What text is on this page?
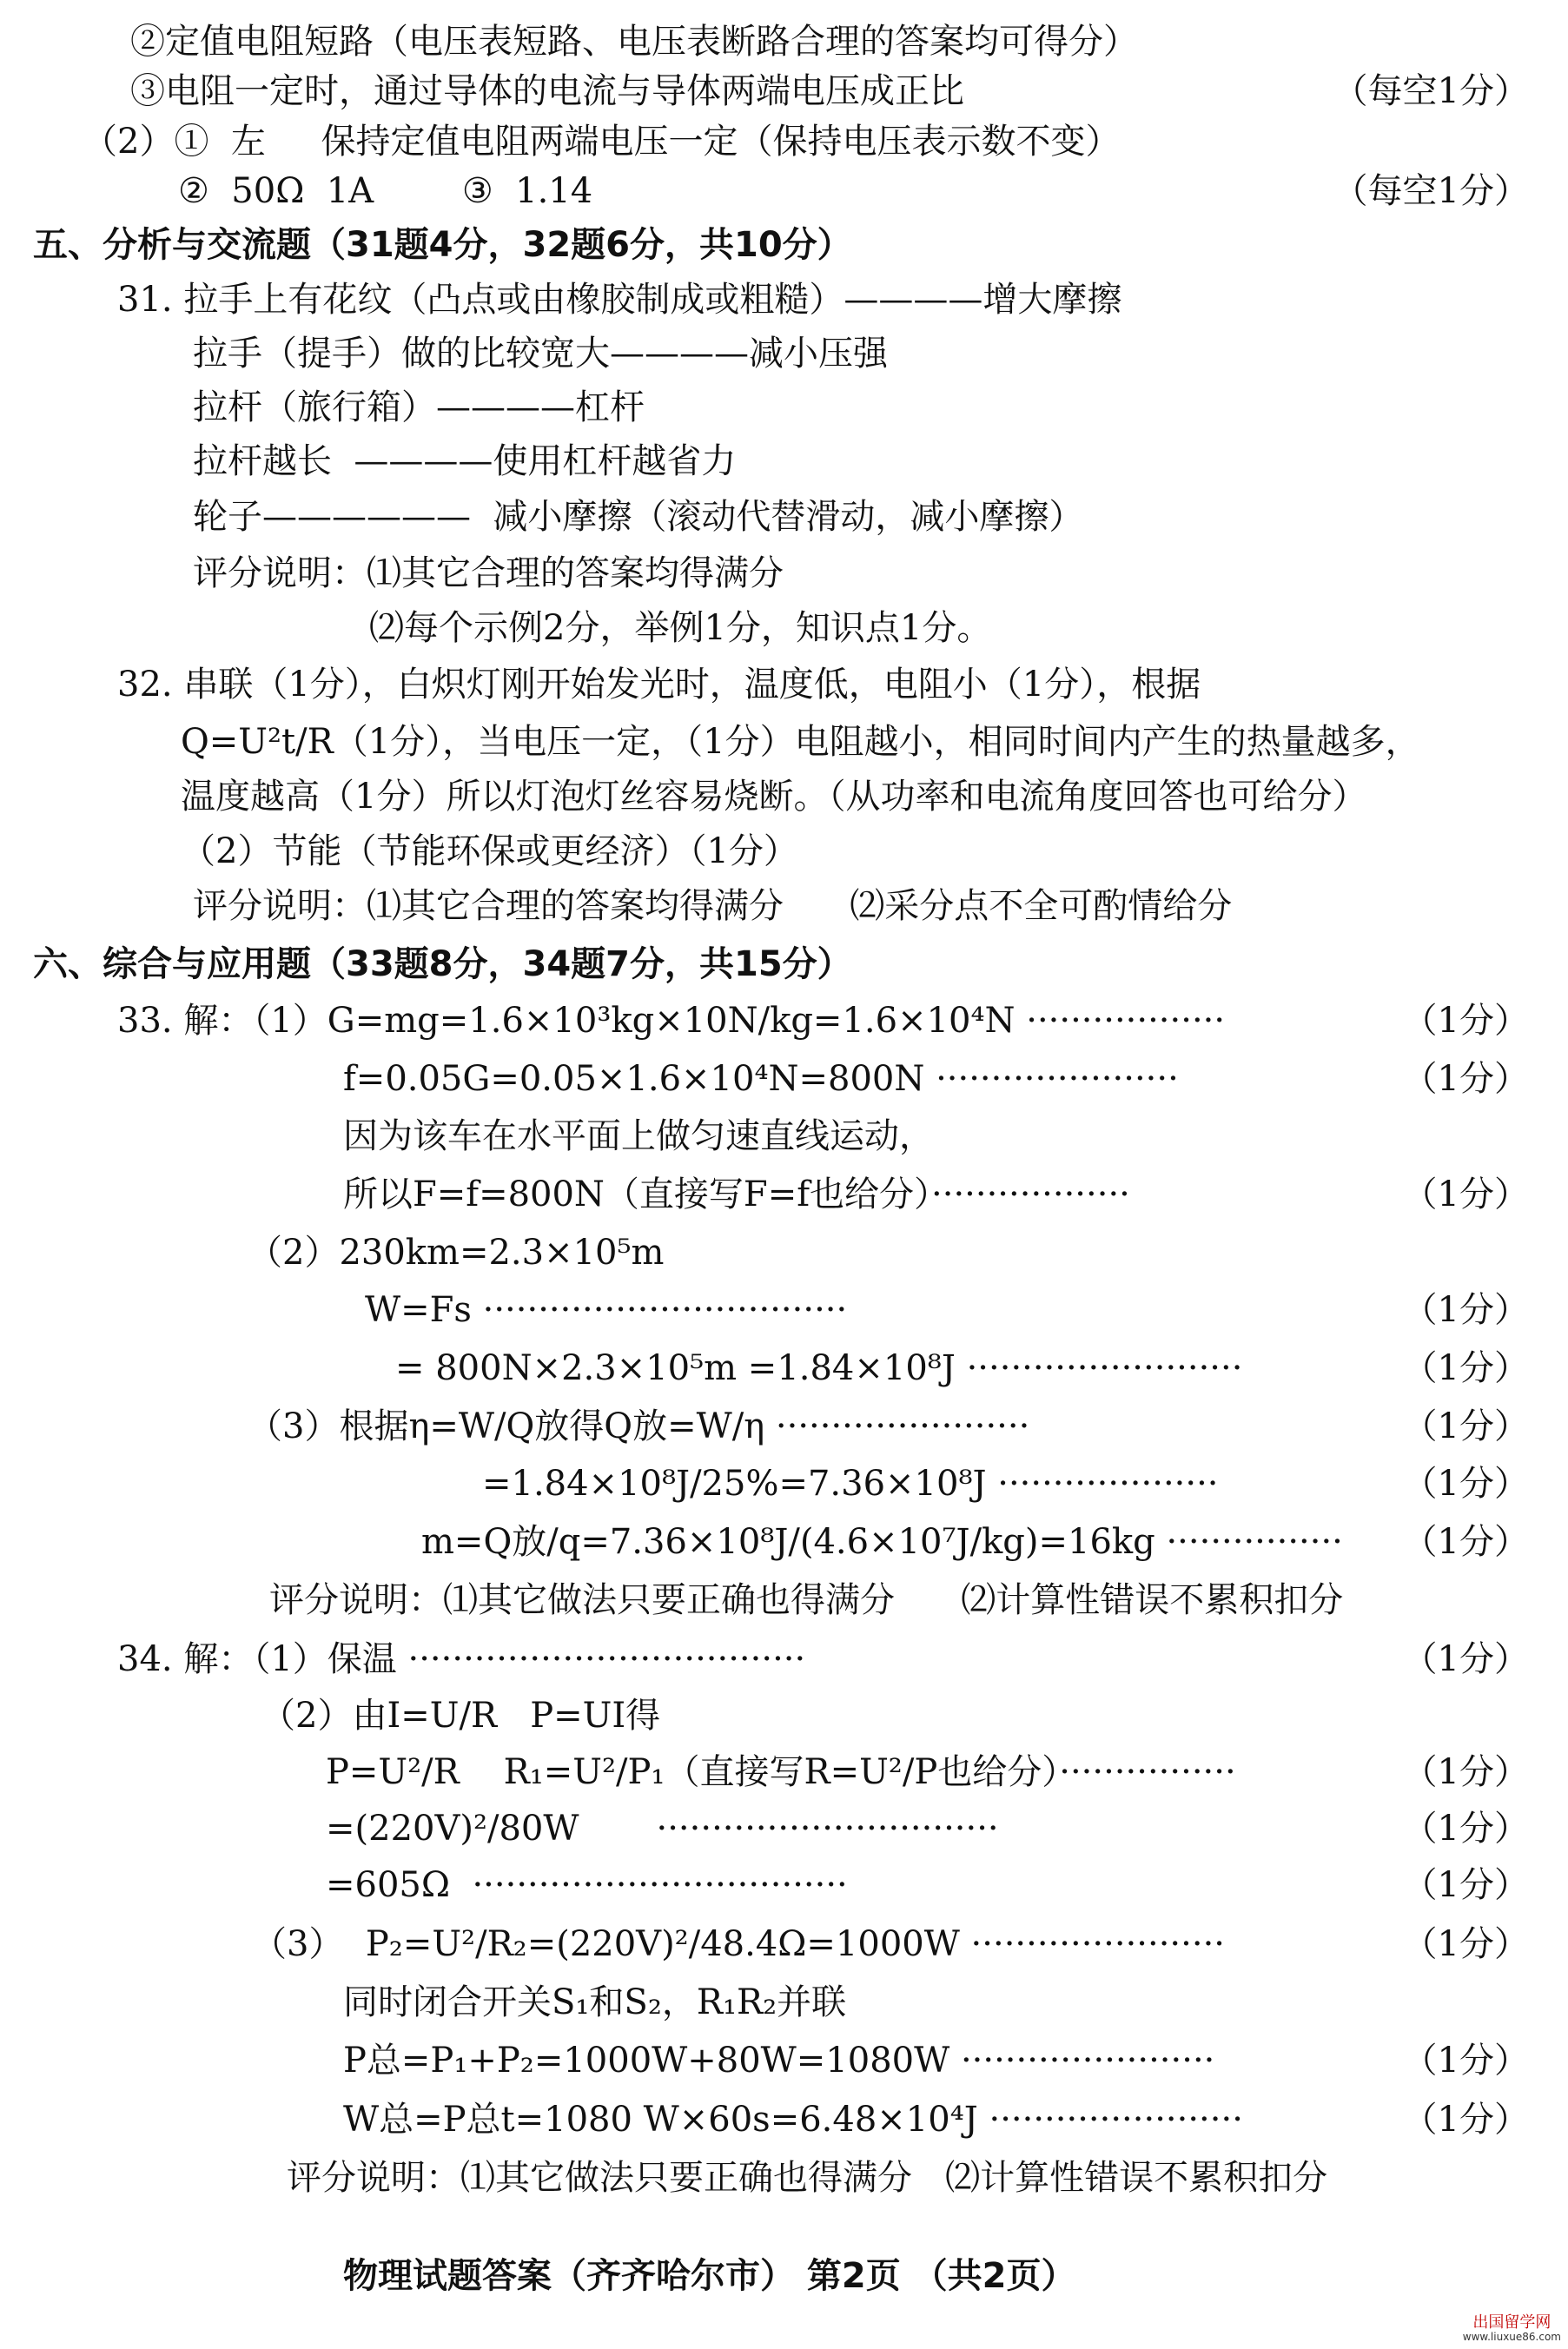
②定值电阻短路（电压表短路、电压表断路合理的答案均可得分）
③电阻一定时，通过导体的电流与导体两端电压成正比
（2）①  左     保持定值电阻两端电压一定（保持电压表示数不变）
②  50Ω  1A        ③  1.14
五、分析与交流题（31题4分，32题6分，共10分）
31. 拉手上有花纹（凸点或由橡胶制成或粗糙）————增大摩擦
拉手（提手）做的比较宽大————减小压强
拉杆（旅行箱）————杠杆
拉杆越长  ————使用杠杆越省力
轮子——————  减小摩擦（滚动代替滑动，减小摩擦）
评分说明：⑴其它合理的答案均得满分
⑵每个示例2分，举例1分，知识点1分。
32. 串联（1分），白炽灯刚开始发光时，温度低，电阻小（1分），根据
Q=U²t/R（1分），当电压一定，（1分）电阻越小，相同时间内产生的热量越多，
温度越高（1分）所以灯泡灯丝容易烧断。（从功率和电流角度回答也可给分）
（2）节能（节能环保或更经济）（1分）
评分说明：⑴其它合理的答案均得满分      ⑵采分点不全可酌情给分
六、综合与应用题（33题8分，34题7分，共15分）
33. 解：（1）G=mg=1.6×10³kg×10N/kg=1.6×10⁴N ··················
f=0.05G=0.05×1.6×10⁴N=800N ······················
因为该车在水平面上做匀速直线运动，
所以F=f=800N（直接写F=f也给分）··················
（2）230km=2.3×10⁵m
W=Fs ·································
= 800N×2.3×10⁵m =1.84×10⁸J ·························
（3）根据η=W/Q放得Q放=W/η ·······················
=1.84×10⁸J/25%=7.36×10⁸J ····················
m=Q放/q=7.36×10⁸J/(4.6×10⁷J/kg)=16kg ················
评分说明：⑴其它做法只要正确也得满分      ⑵计算性错误不累积扣分
34. 解：（1）保温 ····································
（2）由I=U/R   P=UI得
P=U²/R    R₁=U²/P₁（直接写R=U²/P也给分）················
=(220V)²/80W       ·······························
=605Ω  ··································
（3）  P₂=U²/R₂=(220V)²/48.4Ω=1000W ·······················
同时闭合开关S₁和S₂，R₁R₂并联
P总=P₁+P₂=1000W+80W=1080W ·······················
W总=P总t=1080 W×60s=6.48×10⁴J ·······················
评分说明：⑴其它做法只要正确也得满分   ⑵计算性错误不累积扣分
物理试题答案（齐齐哈尔市） 第2页 （共2页）
（每空1分）
（每空1分）
（1分）
（1分）
（1分）
（1分）
（1分）
（1分）
（1分）
（1分）
（1分）
（1分）
（1分）
（1分）
（1分）
（1分）
（1分）
出国留学网
www.liuxue86.com
